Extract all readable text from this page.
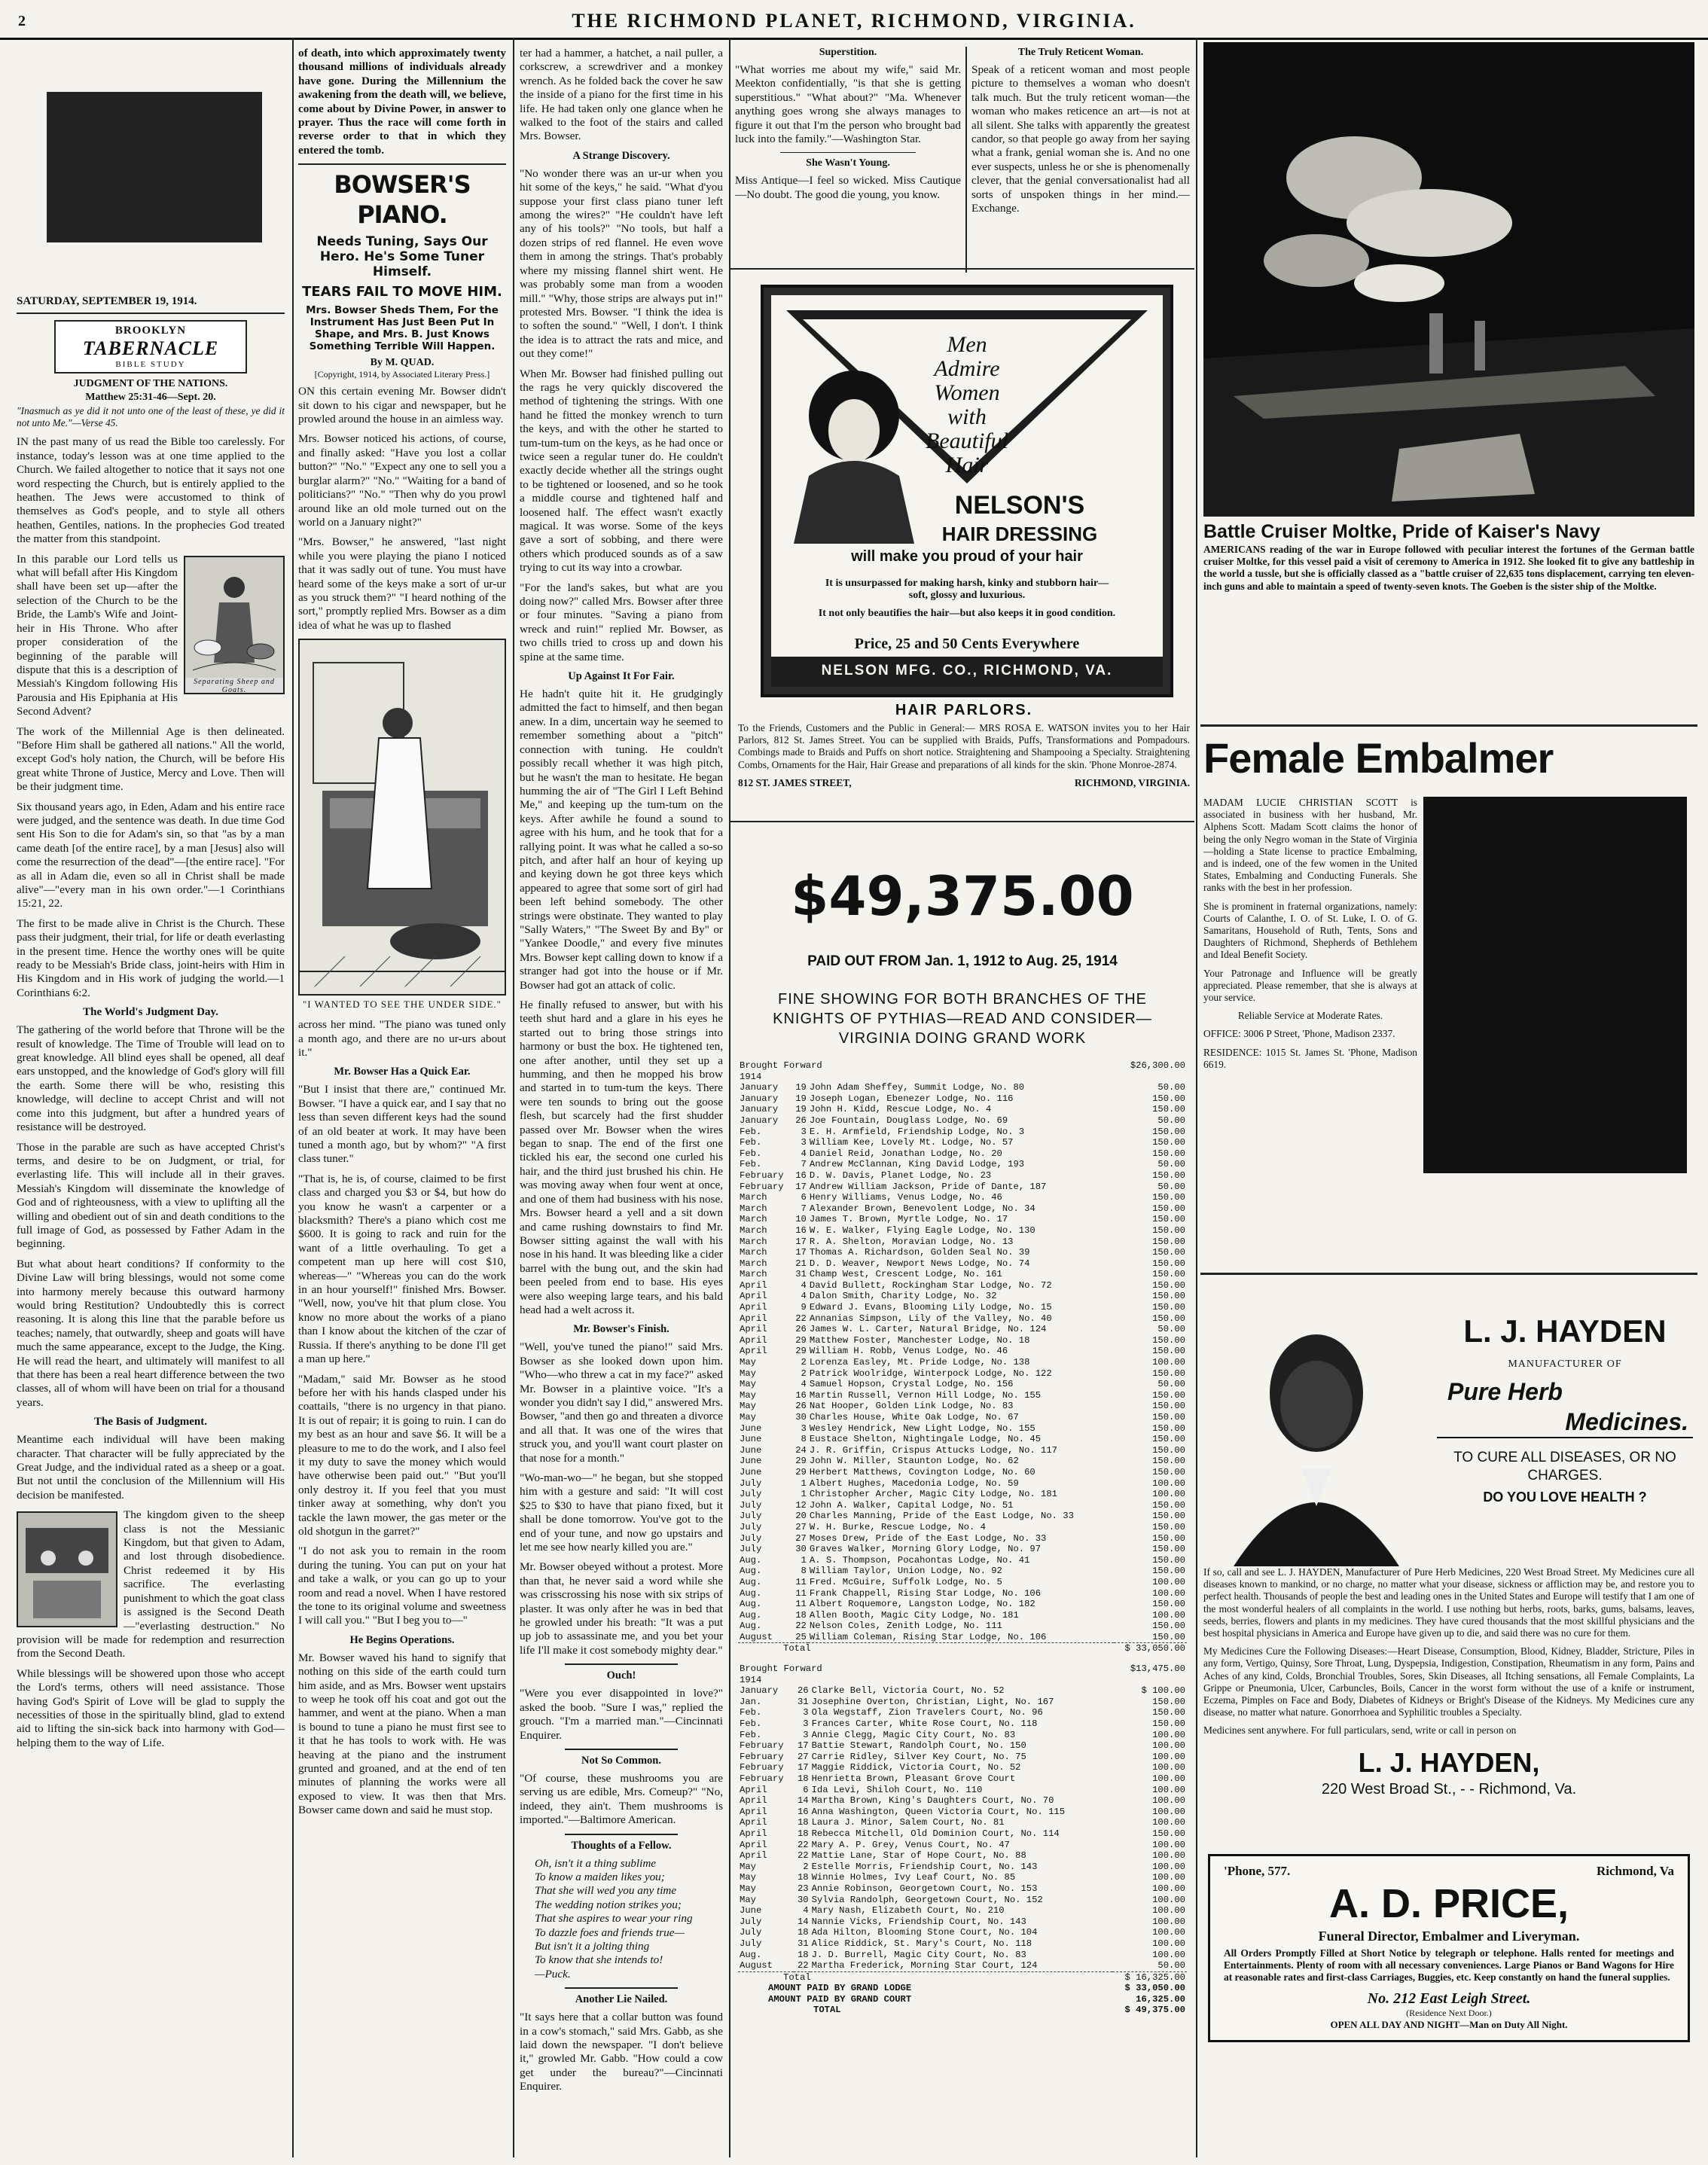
2	THE RICHMOND PLANET, RICHMOND, VIRGINIA.
SATURDAY, SEPTEMBER 19, 1914.
BROOKLYN
TABERNACLE
BIBLE STUDY
JUDGMENT OF THE NATIONS.
Matthew 25:31-46—Sept. 20.

"Inasmuch as ye did it not unto one of the least of these, ye did it not unto Me."—Verse 45.

IN the past many of us read the Bible too carelessly. For instance, today's lesson was at one time applied to the Church. We failed altogether to notice that it says not one word respecting the Church, but is entirely applied to the heathen. The Jews were accustomed to think of themselves as God's people, and to style all others heathen, Gentiles, nations. In the prophecies God treated the matter from this standpoint.

Separating Sheep and Goats.

In this parable our Lord tells us what will befall after His Kingdom shall have been set up—after the selection of the Church to be the Bride, the Lamb's Wife and Joint-heir in His Throne. Who after proper consideration of the beginning of the parable will dispute that this is a description of Messiah's Kingdom following His Parousia and His Epiphania at His Second Advent?

The work of the Millennial Age is then delineated. "Before Him shall be gathered all nations." All the world, except God's holy nation, the Church, will be before His great white Throne of Justice, Mercy and Love. Then will be their judgment time.

Six thousand years ago, in Eden, Adam and his entire race were judged, and the sentence was death. In due time God sent His Son to die for Adam's sin, so that "as by a man came death [of the entire race], by a man [Jesus] also will come the resurrection of the dead"—[the entire race]. "For as all in Adam die, even so all in Christ shall be made alive"—"every man in his own order."—1 Corinthians 15:21, 22.

The first to be made alive in Christ is the Church. These pass their judgment, their trial, for life or death everlasting in the present time. Hence the worthy ones will be quite ready to be Messiah's Bride class, joint-heirs with Him in His Kingdom and in His work of judging the world.—1 Corinthians 6:2.

The World's Judgment Day.

The gathering of the world before that Throne will be the result of knowledge. The Time of Trouble will lead on to great knowledge. All blind eyes shall be opened, all deaf ears unstopped, and the knowledge of God's glory will fill the earth. Some there will be who, resisting this knowledge, will decline to accept Christ and will not come into this judgment, but after a hundred years of resistance will be destroyed.

Those in the parable are such as have accepted Christ's terms, and desire to be on Judgment, or trial, for everlasting life. This will include all in their graves. Messiah's Kingdom will disseminate the knowledge of God and of righteousness, with a view to uplifting all the willing and obedient out of sin and death conditions to the full image of God, as possessed by Father Adam in the beginning.

But what about heart conditions? If conformity to the Divine Law will bring blessings, would not some come into harmony merely because this outward harmony would bring Restitution? Undoubtedly this is correct reasoning. It is along this line that the parable before us teaches; namely, that outwardly, sheep and goats will have much the same appearance, except to the Judge, the King. He will read the heart, and ultimately will manifest to all that there has been a real heart difference between the two classes, all of whom will have been on trial for a thousand years.

The Basis of Judgment.

Meantime each individual will have been making character. That character will be fully appreciated by the Great Judge, and the individual rated as a sheep or a goat. But not until the conclusion of the Millennium will His decision be manifested.

The kingdom given to the sheep class is not the Messianic Kingdom, but that given to Adam, and lost through disobedience. Christ redeemed it by His sacrifice. The everlasting punishment to which the goat class is assigned is the Second Death—"everlasting destruction." No provision will be made for redemption and resurrection from the Second Death.

While blessings will be showered upon those who accept the Lord's terms, others will need assistance. Those having God's Spirit of Love will be glad to supply the necessities of those in the spiritually blind, glad to extend aid to lifting the sin-sick back into harmony with God—helping them to the way of Life.

of death, into which approximately twenty thousand millions of individuals already have gone. During the Millennium the awakening from the death will, we believe, come about by Divine Power, in answer to prayer. Thus the race will come forth in reverse order to that in which they entered the tomb.

BOWSER'S PIANO.
Needs Tuning, Says Our Hero. He's Some Tuner Himself.
TEARS FAIL TO MOVE HIM.
Mrs. Bowser Sheds Them, For the Instrument Has Just Been Put In Shape, and Mrs. B. Just Knows Something Terrible Will Happen.
By M. QUAD.
[Copyright, 1914, by Associated Literary Press.]

ON this certain evening Mr. Bowser didn't sit down to his cigar and newspaper, but he prowled around the house in an aimless way.

Mrs. Bowser noticed his actions, of course, and finally asked: "Have you lost a collar button?" "No." "Expect any one to sell you a burglar alarm?" "No." "Waiting for a band of politicians?" "No." "Then why do you prowl around like an old mole turned out on the world on a January night?"

"Mrs. Bowser," he answered, "last night while you were playing the piano I noticed that it was sadly out of tune. You must have heard some of the keys make a sort of ur-ur as you struck them?" "I heard nothing of the sort," promptly replied Mrs. Bowser as a dim idea of what he was up to flashed

"I WANTED TO SEE THE UNDER SIDE."

across her mind. "The piano was tuned only a month ago, and there are no ur-urs about it."

Mr. Bowser Has a Quick Ear.

"But I insist that there are," continued Mr. Bowser. "I have a quick ear, and I say that no less than seven different keys had the sound of an old beater at work. It may have been tuned a month ago, but by whom?" "A first class tuner."

"That is, he is, of course, claimed to be first class and charged you $3 or $4, but how do you know he wasn't a carpenter or a blacksmith? There's a piano which cost me $600. It is going to rack and ruin for the want of a little overhauling. To get a competent man up here will cost $10, whereas—" "Whereas you can do the work in an hour yourself!" finished Mrs. Bowser. "Well, now, you've hit that plum close. You know no more about the works of a piano than I know about the kitchen of the czar of Russia. If there's anything to be done I'll get a man up here."

"Madam," said Mr. Bowser as he stood before her with his hands clasped under his coattails, "there is no urgency in that piano. It is out of repair; it is going to ruin. I can do my best as an hour and save $6. It will be a pleasure to me to do the work, and I also feel it my duty to save the money which would have otherwise been paid out." "But you'll only destroy it. If you feel that you must tinker away at something, why don't you tackle the lawn mower, the gas meter or the old shotgun in the garret?"

"I do not ask you to remain in the room during the tuning. You can put on your hat and take a walk, or you can go up to your room and read a novel. When I have restored the tone to its original volume and sweetness I will call you." "But I beg you to—"

He Begins Operations.

Mr. Bowser waved his hand to signify that nothing on this side of the earth could turn him aside, and as Mrs. Bowser went upstairs to weep he took off his coat and got out the hammer, and went at the piano. When a man is bound to tune a piano he must first see to it that he has tools to work with. He was heaving at the piano and the instrument grunted and groaned, and at the end of ten minutes of planning the works were all exposed to view. It was then that Mrs. Bowser came down and said he must stop.

ter had a hammer, a hatchet, a nail puller, a corkscrew, a screwdriver and a monkey wrench. As he folded back the cover he saw the inside of a piano for the first time in his life. He had taken only one glance when he walked to the foot of the stairs and called Mrs. Bowser.

A Strange Discovery.

"No wonder there was an ur-ur when you hit some of the keys," he said. "What d'you suppose your first class piano tuner left among the wires?" "He couldn't have left any of his tools?" "No tools, but half a dozen strips of red flannel. He even wove them in among the strings. That's probably where my missing flannel shirt went. He was probably some man from a wooden mill." "Why, those strips are always put in!" protested Mrs. Bowser. "I think the idea is to soften the sound." "Well, I don't. I think the idea is to attract the rats and mice, and out they come!"

When Mr. Bowser had finished pulling out the rags he very quickly discovered the method of tightening the strings. With one hand he fitted the monkey wrench to turn the keys, and with the other he started to tum-tum-tum on the keys, as he had once or twice seen a regular tuner do. He couldn't exactly decide whether all the strings ought to be tightened or loosened, and so he took a middle course and tightened half and loosened half. The effect wasn't exactly magical. It was worse. Some of the keys gave a sort of sobbing, and there were others which produced sounds as of a saw trying to cut its way into a crowbar.

"For the land's sakes, but what are you doing now?" called Mrs. Bowser after three or four minutes. "Saving a piano from wreck and ruin!" replied Mr. Bowser, as two chills tried to cross up and down his spine at the same time.

Up Against It For Fair.

He hadn't quite hit it. He grudgingly admitted the fact to himself, and then began anew. In a dim, uncertain way he seemed to remember something about a "pitch" connection with tuning. He couldn't possibly recall whether it was high pitch, but he wasn't the man to hesitate. He began humming the air of "The Girl I Left Behind Me," and keeping up the tum-tum on the keys. After awhile he found a sound to agree with his hum, and he took that for a rallying point. It was what he called a so-so pitch, and after half an hour of keying up and keying down he got three keys which appeared to agree that some sort of girl had been left behind somebody. The other strings were obstinate. They wanted to play "Sally Waters," "The Sweet By and By" or "Yankee Doodle," and every five minutes Mrs. Bowser kept calling down to know if a stranger had got into the house or if Mr. Bowser had got an attack of colic.

He finally refused to answer, but with his teeth shut hard and a glare in his eyes he started out to bring those strings into harmony or bust the box. He tightened ten, one after another, until they set up a humming, and then he mopped his brow and started in to tum-tum the keys. There were ten sounds to bring out the goose flesh, but scarcely had the first shudder passed over Mr. Bowser when the wires began to snap. The end of the first one tickled his ear, the second one curled his hair, and the third just brushed his chin. He was moving away when four went at once, and one of them had business with his nose. Mrs. Bowser heard a yell and a sit down and came rushing downstairs to find Mr. Bowser sitting against the wall with his nose in his hand. It was bleeding like a cider barrel with the bung out, and the skin had been peeled from end to base. His eyes were also weeping large tears, and his bald head had a welt across it.

Mr. Bowser's Finish.

"Well, you've tuned the piano!" said Mrs. Bowser as she looked down upon him. "Who—who threw a cat in my face?" asked Mr. Bowser in a plaintive voice. "It's a wonder you didn't say I did," answered Mrs. Bowser, "and then go and threaten a divorce and all that. It was one of the wires that struck you, and you'll want court plaster on that nose for a month."

"Wo-man-wo—" he began, but she stopped him with a gesture and said: "It will cost $25 to $30 to have that piano fixed, but it shall be done tomorrow. You've got to the end of your tune, and now go upstairs and let me see how nearly killed you are."

Mr. Bowser obeyed without a protest. More than that, he never said a word while she was crisscrossing his nose with six strips of plaster. It was only after he was in bed that he growled under his breath: "It was a put up job to assassinate me, and you bet your life I'll make it cost somebody mighty dear."

Ouch!

"Were you ever disappointed in love?" asked the boob. "Sure I was," replied the grouch. "I'm a married man."—Cincinnati Enquirer.

Not So Common.

"Of course, these mushrooms you are serving us are edible, Mrs. Comeup?" "No, indeed, they ain't. Them mushrooms is imported."—Baltimore American.

Thoughts of a Fellow.

Oh, isn't it a thing sublime
To know a maiden likes you;
That she will wed you any time
The wedding notion strikes you;
That she aspires to wear your ring
To dazzle foes and friends true—
But isn't it a jolting thing
To know that she intends to!
—Puck.

Another Lie Nailed.

"It says here that a collar button was found in a cow's stomach," said Mrs. Gabb, as she laid down the newspaper. "I don't believe it," growled Mr. Gabb. "How could a cow get under the bureau?"—Cincinnati Enquirer.

Superstition.

"What worries me about my wife," said Mr. Meekton confidentially, "is that she is getting superstitious." "What about?" "Ma. Whenever anything goes wrong she always manages to figure it out that I'm the person who brought bad luck into the family."—Washington Star.

She Wasn't Young.

Miss Antique—I feel so wicked. Miss Cautique—No doubt. The good die young, you know.

The Truly Reticent Woman.

Speak of a reticent woman and most people picture to themselves a woman who doesn't talk much. But the truly reticent woman—the woman who makes reticence an art—is not at all silent. She talks with apparently the greatest candor, so that people go away from her saying what a frank, genial woman she is. And no one ever suspects, unless he or she is phenomenally clever, that the genial conversationalist had all sorts of unspoken things in her mind.—Exchange.

Men Admire Women with Beautiful Hair
NELSON'S
HAIR DRESSING
will make you proud of your hair
It is unsurpassed for making harsh, kinky and stubborn hair—soft, glossy and luxurious.
It not only beautifies the hair—but also keeps it in good condition.
Price, 25 and 50 Cents Everywhere
NELSON MFG. CO., RICHMOND, VA.
HAIR PARLORS.

To the Friends, Customers and the Public in General:— MRS ROSA E. WATSON invites you to her Hair Parlors, 812 St. James Street. You can be supplied with Braids, Puffs, Transformations and Pompadours. Combings made to Braids and Puffs on short notice. Straightening and Shampooing a Specialty. Straightening Combs, Ornaments for the Hair, Hair Grease and preparations of all kinds for the skin. 'Phone Monroe-2874.

812 ST. JAMES STREET,	RICHMOND, VIRGINIA.
$49,375.00
PAID OUT FROM Jan. 1, 1912 to Aug. 25, 1914
FINE SHOWING FOR BOTH BRANCHES OF THE KNIGHTS OF PYTHIAS—READ AND CONSIDER—VIRGINIA DOING GRAND WORK
Brought Forward			$26,300.00
1914			
January	19	John Adam Sheffey, Summit Lodge, No. 80	50.00
January	19	Joseph Logan, Ebenezer Lodge, No. 116	150.00
January	19	John H. Kidd, Rescue Lodge, No. 4	150.00
January	26	Joe Fountain, Douglass Lodge, No. 69	50.00
Feb.	3	E. H. Armfield, Friendship Lodge, No. 3	150.00
Feb.	3	William Kee, Lovely Mt. Lodge, No. 57	150.00
Feb.	4	Daniel Reid, Jonathan Lodge, No. 20	150.00
Feb.	7	Andrew McClannan, King David Lodge, 193	50.00
February	16	D. W. Davis, Planet Lodge, No. 23	150.00
February	17	Andrew William Jackson, Pride of Dante, 187	50.00
March	6	Henry Williams, Venus Lodge, No. 46	150.00
March	7	Alexander Brown, Benevolent Lodge, No. 34	150.00
March	10	James T. Brown, Myrtle Lodge, No. 17	150.00
March	16	W. E. Walker, Flying Eagle Lodge, No. 130	150.00
March	17	R. A. Shelton, Moravian Lodge, No. 13	150.00
March	17	Thomas A. Richardson, Golden Seal No. 39	150.00
March	21	D. D. Weaver, Newport News Lodge, No. 74	150.00
March	31	Champ West, Crescent Lodge, No. 161	150.00
April	4	David Bullett, Rockingham Star Lodge, No. 72	150.00
April	4	Dalon Smith, Charity Lodge, No. 32	150.00
April	9	Edward J. Evans, Blooming Lily Lodge, No. 15	150.00
April	22	Annanias Simpson, Lily of the Valley, No. 40	150.00
April	26	James W. L. Carter, Natural Bridge, No. 124	50.00
April	29	Matthew Foster, Manchester Lodge, No. 18	150.00
April	29	William H. Robb, Venus Lodge, No. 46	150.00
May	2	Lorenza Easley, Mt. Pride Lodge, No. 138	100.00
May	2	Patrick Woolridge, Winterpock Lodge, No. 122	150.00
May	4	Samuel Hopson, Crystal Lodge, No. 156	50.00
May	16	Martin Russell, Vernon Hill Lodge, No. 155	150.00
May	26	Nat Hooper, Golden Link Lodge, No. 83	150.00
May	30	Charles House, White Oak Lodge, No. 67	150.00
June	3	Wesley Hendrick, New Light Lodge, No. 155	150.00
June	8	Eustace Shelton, Nightingale Lodge, No. 45	150.00
June	24	J. R. Griffin, Crispus Attucks Lodge, No. 117	150.00
June	29	John W. Miller, Staunton Lodge, No. 62	150.00
June	29	Herbert Matthews, Covington Lodge, No. 60	150.00
July	1	Albert Hughes, Macedonia Lodge, No. 59	100.00
July	1	Christopher Archer, Magic City Lodge, No. 181	100.00
July	12	John A. Walker, Capital Lodge, No. 51	150.00
July	20	Charles Manning, Pride of the East Lodge, No. 33	150.00
July	27	W. H. Burke, Rescue Lodge, No. 4	150.00
July	27	Moses Drew, Pride of the East Lodge, No. 33	150.00
July	30	Graves Walker, Morning Glory Lodge, No. 97	150.00
Aug.	1	A. S. Thompson, Pocahontas Lodge, No. 41	150.00
Aug.	8	William Taylor, Union Lodge, No. 92	150.00
Aug.	11	Fred. McGuire, Suffolk Lodge, No. 5	100.00
Aug.	11	Frank Chappell, Rising Star Lodge, No. 106	100.00
Aug.	11	Albert Roquemore, Langston Lodge, No. 182	150.00
Aug.	18	Allen Booth, Magic City Lodge, No. 181	100.00
Aug.	22	Nelson Coles, Zenith Lodge, No. 111	150.00
August	25	William Coleman, Rising Star Lodge, No. 106	150.00
Total			$ 33,050.00
Brought Forward			$13,475.00
1914			
January	26	Clarke Bell, Victoria Court, No. 52	$ 100.00
Jan.	31	Josephine Overton, Christian, Light, No. 167	150.00
Feb.	3	Ola Wegstaff, Zion Travelers Court, No. 96	150.00
Feb.	3	Frances Carter, White Rose Court, No. 118	150.00
Feb.	3	Annie Clegg, Magic City Court, No. 83	100.00
February	17	Battie Stewart, Randolph Court, No. 150	100.00
February	27	Carrie Ridley, Silver Key Court, No. 75	100.00
February	17	Maggie Riddick, Victoria Court, No. 52	100.00
February	18	Henrietta Brown, Pleasant Grove Court	100.00
April	6	Ida Levi, Shiloh Court, No. 110	100.00
April	14	Martha Brown, King's Daughters Court, No. 70	100.00
April	16	Anna Washington, Queen Victoria Court, No. 115	100.00
April	18	Laura J. Minor, Salem Court, No. 81	100.00
April	18	Rebecca Mitchell, Old Dominion Court, No. 114	150.00
April	22	Mary A. P. Grey, Venus Court, No. 47	100.00
April	22	Mattie Lane, Star of Hope Court, No. 88	100.00
May	2	Estelle Morris, Friendship Court, No. 143	100.00
May	18	Winnie Holmes, Ivy Leaf Court, No. 85	100.00
May	23	Annie Robinson, Georgetown Court, No. 153	100.00
May	30	Sylvia Randolph, Georgetown Court, No. 152	100.00
June	4	Mary Nash, Elizabeth Court, No. 210	100.00
July	14	Nannie Vicks, Friendship Court, No. 143	100.00
July	18	Ada Hilton, Blooming Stone Court, No. 104	100.00
July	31	Alice Riddick, St. Mary's Court, No. 118	100.00
Aug.	18	J. D. Burrell, Magic City Court, No. 83	100.00
August	22	Martha Frederick, Morning Star Court, 124	50.00
Total			$ 16,325.00
AMOUNT PAID BY GRAND LODGE			$ 33,050.00
AMOUNT PAID BY GRAND COURT			16,325.00
TOTAL			$ 49,375.00
Battle Cruiser Moltke, Pride of Kaiser's Navy

AMERICANS reading of the war in Europe followed with peculiar interest the fortunes of the German battle cruiser Moltke, for this vessel paid a visit of ceremony to America in 1912. She looked fit to give any battleship in the world a tussle, but she is officially classed as a "battle cruiser of 22,635 tons displacement, carrying ten eleven-inch guns and able to maintain a speed of twenty-seven knots. The Goeben is the sister ship of the Moltke.

Female Embalmer

MADAM LUCIE CHRISTIAN SCOTT is associated in business with her husband, Mr. Alphens Scott. Madam Scott claims the honor of being the only Negro woman in the State of Virginia—holding a State license to practice Embalming, and is indeed, one of the few women in the United States, Embalming and Conducting Funerals. She ranks with the best in her profession.

She is prominent in fraternal organizations, namely: Courts of Calanthe, I. O. of St. Luke, I. O. of G. Samaritans, Household of Ruth, Tents, Sons and Daughters of Richmond, Shepherds of Bethlehem and Ideal Benefit Society.

Your Patronage and Influence will be greatly appreciated. Please remember, that she is always at your service.

Reliable Service at Moderate Rates.

OFFICE: 3006 P Street, 'Phone, Madison 2337.

RESIDENCE: 1015 St. James St. 'Phone, Madison 6619.

L. J. HAYDEN
MANUFACTURER OF
Pure Herb
Medicines.
TO CURE ALL DISEASES, OR NO CHARGES.
DO YOU LOVE HEALTH ?

If so, call and see L. J. HAYDEN, Manufacturer of Pure Herb Medicines, 220 West Broad Street. My Medicines cure all diseases known to mankind, or no charge, no matter what your disease, sickness or affliction may be, and restore you to perfect health. Thousands of people the best and leading ones in the United States and Europe will testify that I am one of the most wonderful healers of all complaints in the world. I use nothing but herbs, roots, barks, gums, balsams, leaves, seeds, berries, flowers and plants in my medicines. They have cured thousands that the most skillful physicians and the best hospital physicians in America and Europe have given up to die, and said there was no cure for them.

My Medicines Cure the Following Diseases:—Heart Disease, Consumption, Blood, Kidney, Bladder, Stricture, Piles in any form, Vertigo, Quinsy, Sore Throat, Lung, Dyspepsia, Indigestion, Constipation, Rheumatism in any form, Pains and Aches of any kind, Colds, Bronchial Troubles, Sores, Skin Diseases, all Itching sensations, all Female Complaints, La Grippe or Pneumonia, Ulcer, Carbuncles, Boils, Cancer in the worst form without the use of a knife or instrument, Eczema, Pimples on Face and Body, Diabetes of Kidneys or Bright's Disease of the Kidneys. My Medicines cure any disease, no matter what nature. Gonorrhoea and Syphilitic troubles a Specialty.

Medicines sent anywhere. For full particulars, send, write or call in person on

L. J. HAYDEN,
220 West Broad St., - - Richmond, Va.
'Phone, 577.	Richmond, Va
A. D. PRICE,
Funeral Director, Embalmer and Liveryman.

All Orders Promptly Filled at Short Notice by telegraph or telephone. Halls rented for meetings and Entertainments. Plenty of room with all necessary conveniences. Large Pianos or Band Wagons for Hire at reasonable rates and first-class Carriages, Buggies, etc. Keep constantly on hand the funeral supplies.

No. 212 East Leigh Street.
(Residence Next Door.)
OPEN ALL DAY AND NIGHT—Man on Duty All Night.
